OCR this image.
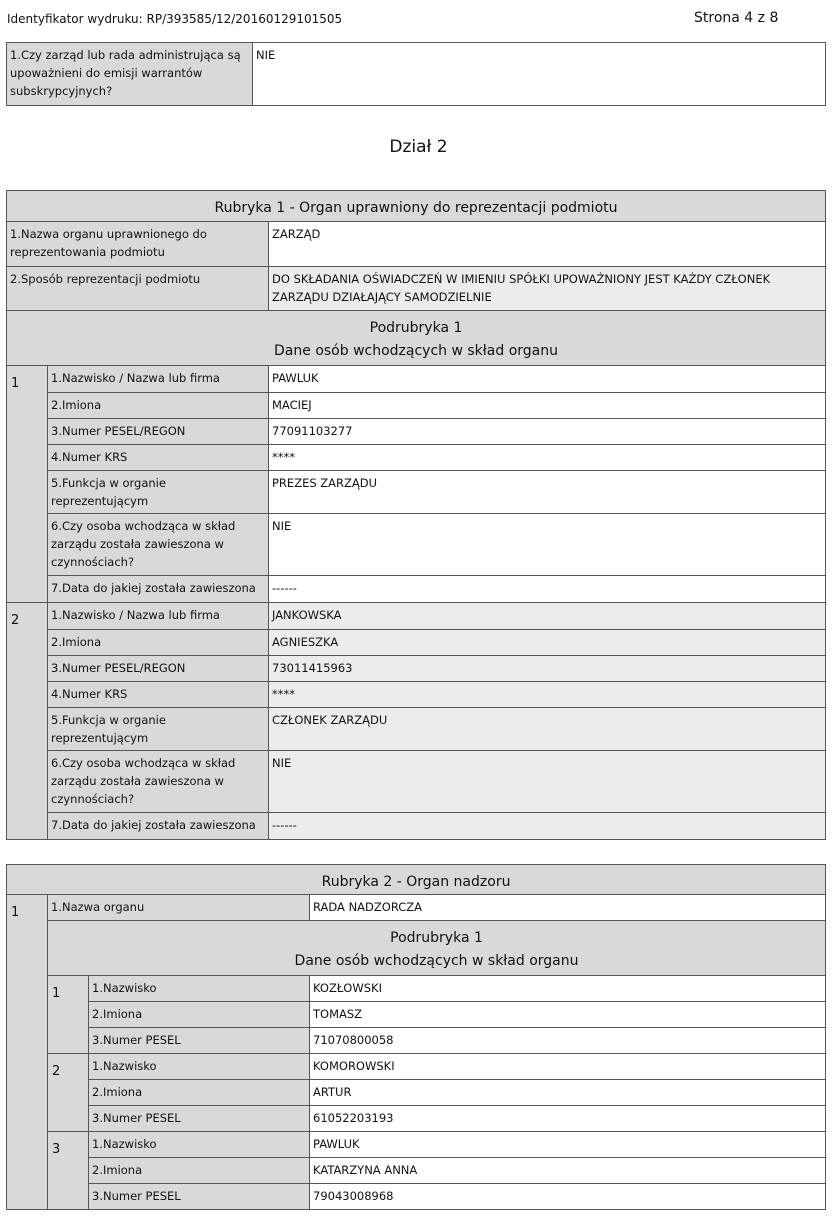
Identyfikator wydruku: RP/393585/12/20160129101505	Strona 4 z 8
1.Czy zarząd lub rada administrująca są upoważnieni do emisji warrantów subskrypcyjnych?	NIE
Dział 2
Rubryka 1 - Organ uprawniony do reprezentacji podmiotu		
1.Nazwa organu uprawnionego do reprezentowania podmiotu		ZARZĄD
2.Sposób reprezentacji podmiotu		DO SKŁADANIA OŚWIADCZEŃ W IMIENIU SPÓŁKI UPOWAŻNIONY JEST KAŻDY CZŁONEK ZARZĄDU DZIAŁAJĄCY SAMODZIELNIE

Podrubryka 1
Dane osób wchodzących w skład organu		

1	1.Nazwisko / Nazwa lub firma	PAWLUK
	2.Imiona	MACIEJ
	3.Numer PESEL/REGON	77091103277
	4.Numer KRS	****
	5.Funkcja w organie reprezentującym	PREZES ZARZĄDU
	6.Czy osoba wchodząca w skład zarządu została zawieszona w czynnościach?	NIE
	7.Data do jakiej została zawieszona	------
2	1.Nazwisko / Nazwa lub firma	JANKOWSKA
	2.Imiona	AGNIESZKA
	3.Numer PESEL/REGON	73011415963
	4.Numer KRS	****
	5.Funkcja w organie reprezentującym	CZŁONEK ZARZĄDU
	6.Czy osoba wchodząca w skład zarządu została zawieszona w czynnościach?	NIE
	7.Data do jakiej została zawieszona	------
Rubryka 2 - Organ nadzoru			
1	1.Nazwa organu		RADA NADZORCZA

	Podrubryka 1
Dane osób wchodzących w skład organu		

	1	1.Nazwisko	KOZŁOWSKI
		2.Imiona	TOMASZ
		3.Numer PESEL	71070800058
	2	1.Nazwisko	KOMOROWSKI
		2.Imiona	ARTUR
		3.Numer PESEL	61052203193
	3	1.Nazwisko	PAWLUK
		2.Imiona	KATARZYNA ANNA
		3.Numer PESEL	79043008968
